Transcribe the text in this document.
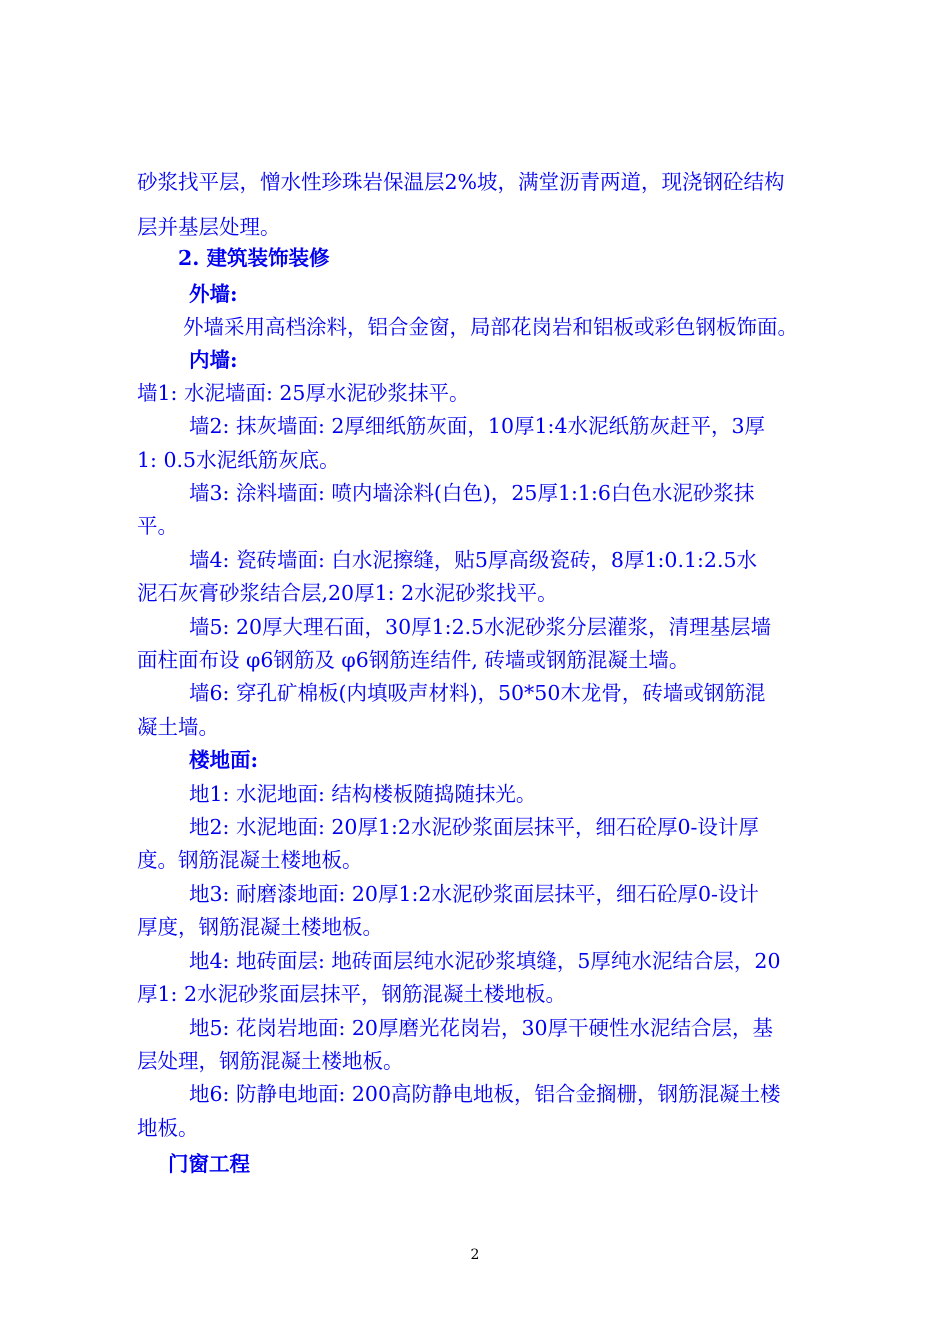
砂浆找平层，憎水性珍珠岩保温层2%坡，满堂沥青两道，现浇钢砼结构
层并基层处理。
2. 建筑装饰装修
外墙:
外墙采用高档涂料，铝合金窗，局部花岗岩和铝板或彩色钢板饰面。
内墙:
墙1: 水泥墙面: 25厚水泥砂浆抹平。
墙2: 抹灰墙面: 2厚细纸筋灰面，10厚1:4水泥纸筋灰赶平，3厚
1: 0.5水泥纸筋灰底。
墙3: 涂料墙面: 喷内墙涂料(白色)，25厚1:1:6白色水泥砂浆抹
平。
墙4: 瓷砖墙面: 白水泥擦缝，贴5厚高级瓷砖，8厚1:0.1:2.5水
泥石灰膏砂浆结合层,20厚1: 2水泥砂浆找平。
墙5: 20厚大理石面，30厚1:2.5水泥砂浆分层灌浆，清理基层墙
面柱面布设 φ6钢筋及 φ6钢筋连结件, 砖墙或钢筋混凝土墙。
墙6: 穿孔矿棉板(内填吸声材料)，50*50木龙骨，砖墙或钢筋混
凝土墙。
楼地面:
地1: 水泥地面: 结构楼板随捣随抹光。
地2: 水泥地面: 20厚1:2水泥砂浆面层抹平，细石砼厚0-设计厚
度。钢筋混凝土楼地板。
地3: 耐磨漆地面: 20厚1:2水泥砂浆面层抹平，细石砼厚0-设计
厚度，钢筋混凝土楼地板。
地4: 地砖面层: 地砖面层纯水泥砂浆填缝，5厚纯水泥结合层，20
厚1: 2水泥砂浆面层抹平，钢筋混凝土楼地板。
地5: 花岗岩地面: 20厚磨光花岗岩，30厚干硬性水泥结合层，基
层处理，钢筋混凝土楼地板。
地6: 防静电地面: 200高防静电地板，铝合金搁栅，钢筋混凝土楼
地板。
门窗工程
2
